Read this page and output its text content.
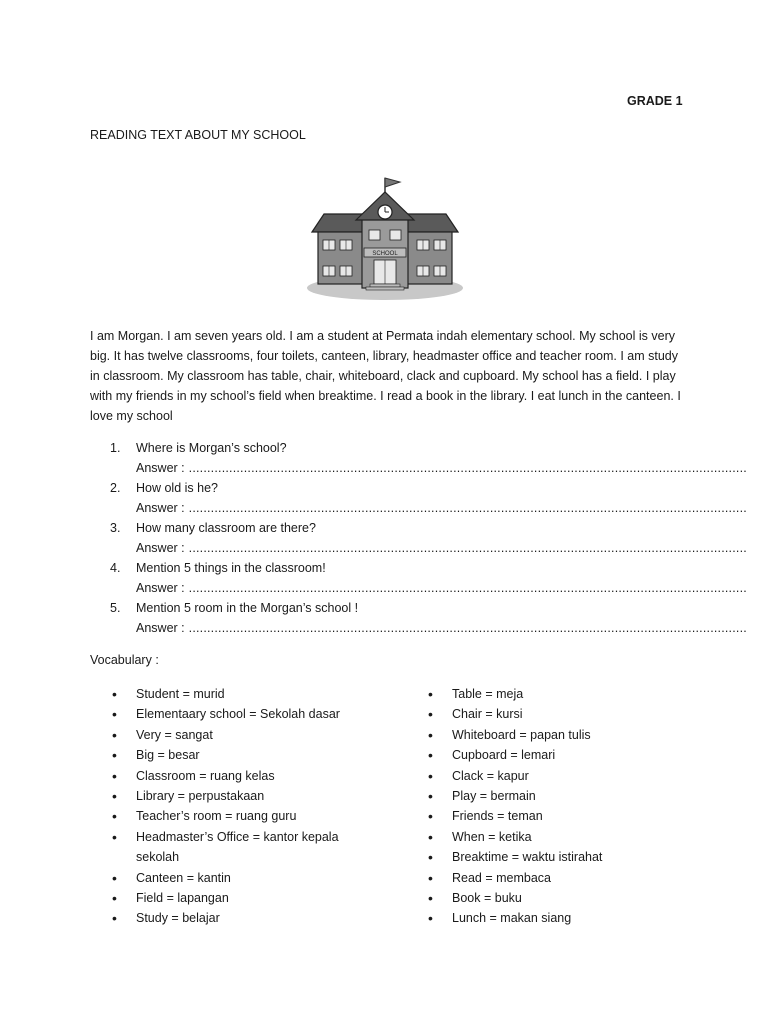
GRADE 1
READING TEXT ABOUT MY SCHOOL
SCHOOL
I am Morgan. I am seven years old. I am a student at Permata indah elementary school. My school is very big. It has twelve classrooms, four toilets, canteen, library, headmaster office and teacher room. I am study in classroom. My classroom has table, chair, whiteboard, clack and cupboard. My school has a field. I play with my friends in my school’s field when breaktime. I read a book in the library. I eat lunch in the canteen. I love my school
1. Where is Morgan’s school?
Answer : ........................................................................................................................................................
2. How old is he?
Answer : ........................................................................................................................................................
3. How many classroom are there?
Answer : ........................................................................................................................................................
4. Mention 5 things in the classroom!
Answer : ........................................................................................................................................................
5. Mention 5 room in the Morgan’s school !
Answer : ........................................................................................................................................................
Vocabulary :
• Student = murid
• Elementaary school = Sekolah dasar
• Very = sangat
• Big = besar
• Classroom = ruang kelas
• Library = perpustakaan
• Teacher’s room = ruang guru
• Headmaster’s Office = kantor kepala sekolah
• Canteen = kantin
• Field = lapangan
• Study = belajar
• Table = meja
• Chair = kursi
• Whiteboard = papan tulis
• Cupboard = lemari
• Clack = kapur
• Play = bermain
• Friends = teman
• When = ketika
• Breaktime = waktu istirahat
• Read = membaca
• Book = buku
• Lunch = makan siang
